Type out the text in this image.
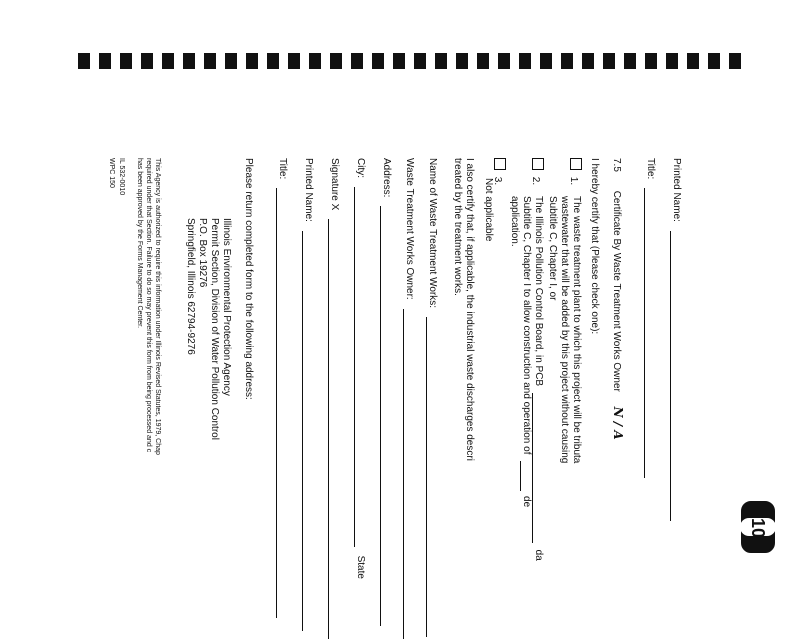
10
Printed Name:
Title:
7.5 Certificate By Waste Treatment Works Owner N / A
I hereby certify that (Please check one):
1.
The waste treatment plant to which this project will be tributa
wastewater that will be added by this project without causing
Subtitle C, Chapter I, or
2.
The Illinois Pollution Control Board, in PCB  da
Subtitle C, Chapter I to allow construction and operation of  de
application.
3.
Not applicable
I also certify that, if applicable, the industrial waste discharges descri
treated by the treatment works.
Name of Waste Treatment Works:
Waste Treatment Works Owner:
Address:
City:  State
Signature X
Printed Name:
Title:
Please return completed form to the following address:
Illinois Environmental Protection Agency
Permit Section, Division of Water Pollution Control
P.O. Box 19276
Springfield, Illinois 62794-9276
This Agency is authorized to require this information under Illinois Revised Statutes, 1979, Chap
required under that Section. Failure to do so may prevent this form from being processed and c
has been approved by the Forms Management Center.
IL 532-0010
WPC 150
